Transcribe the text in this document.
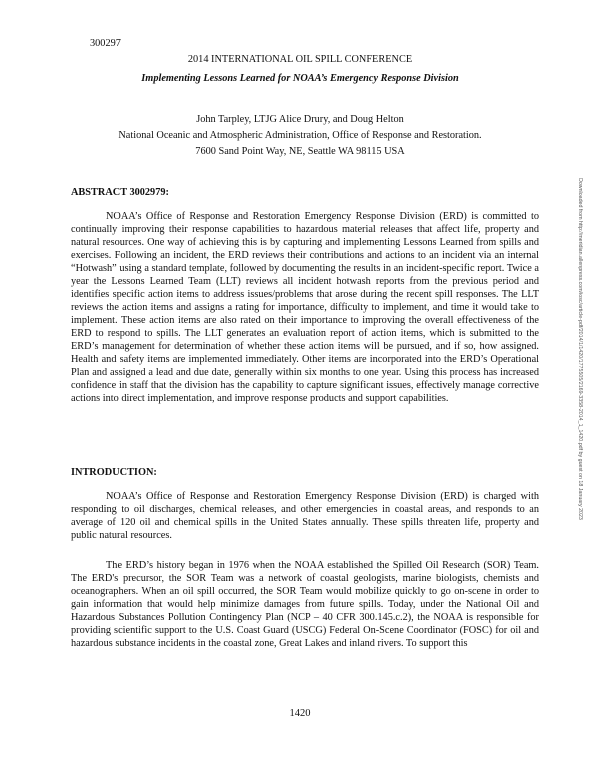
300297
2014 INTERNATIONAL OIL SPILL CONFERENCE
Implementing Lessons Learned for NOAA’s Emergency Response Division
John Tarpley, LTJG Alice Drury, and Doug Helton
National Oceanic and Atmospheric Administration, Office of Response and Restoration.
7600 Sand Point Way, NE, Seattle WA 98115 USA
ABSTRACT 3002979:
NOAA’s Office of Response and Restoration Emergency Response Division (ERD) is committed to continually improving their response capabilities to hazardous material releases that affect life, property and natural resources. One way of achieving this is by capturing and implementing Lessons Learned from spills and exercises. Following an incident, the ERD reviews their contributions and actions to an incident via an internal “Hotwash” using a standard template, followed by documenting the results in an incident-specific report. Twice a year the Lessons Learned Team (LLT) reviews all incident hotwash reports from the previous period and identifies specific action items to address issues/problems that arose during the recent spill responses. The LLT reviews the action items and assigns a rating for importance, difficulty to implement, and time it would take to implement. These action items are also rated on their importance to improving the overall effectiveness of the ERD to respond to spills. The LLT generates an evaluation report of action items, which is submitted to the ERD’s management for determination of whether these action items will be pursued, and if so, how assigned. Health and safety items are implemented immediately. Other items are incorporated into the ERD’s Operational Plan and assigned a lead and due date, generally within six months to one year. Using this process has increased confidence in staff that the division has the capability to capture significant issues, effectively manage corrective actions into direct implementation, and improve response products and support capabilities.
INTRODUCTION:
NOAA’s Office of Response and Restoration Emergency Response Division (ERD) is charged with responding to oil discharges, chemical releases, and other emergencies in coastal areas, and responds to an average of 120 oil and chemical spills in the United States annually. These spills threaten life, property and public natural resources.
The ERD’s history began in 1976 when the NOAA established the Spilled Oil Research (SOR) Team. The ERD's precursor, the SOR Team was a network of coastal geologists, marine biologists, chemists and oceanographers. When an oil spill occurred, the SOR Team would mobilize quickly to go on-scene in order to gain information that would help minimize damages from future spills. Today, under the National Oil and Hazardous Substances Pollution Contingency Plan (NCP – 40 CFR 300.145.c.2), the NOAA is responsible for providing scientific support to the U.S. Coast Guard (USCG) Federal On-Scene Coordinator (FOSC) for oil and hazardous substance incidents in the coastal zone, Great Lakes and inland rivers. To support this
1420
Downloaded from http://meridian.allenpress.com/iosc/article-pdf/2014/1/1420/1775505/2169-3358-2014_1_1420.pdf by guest on 18 January 2023
